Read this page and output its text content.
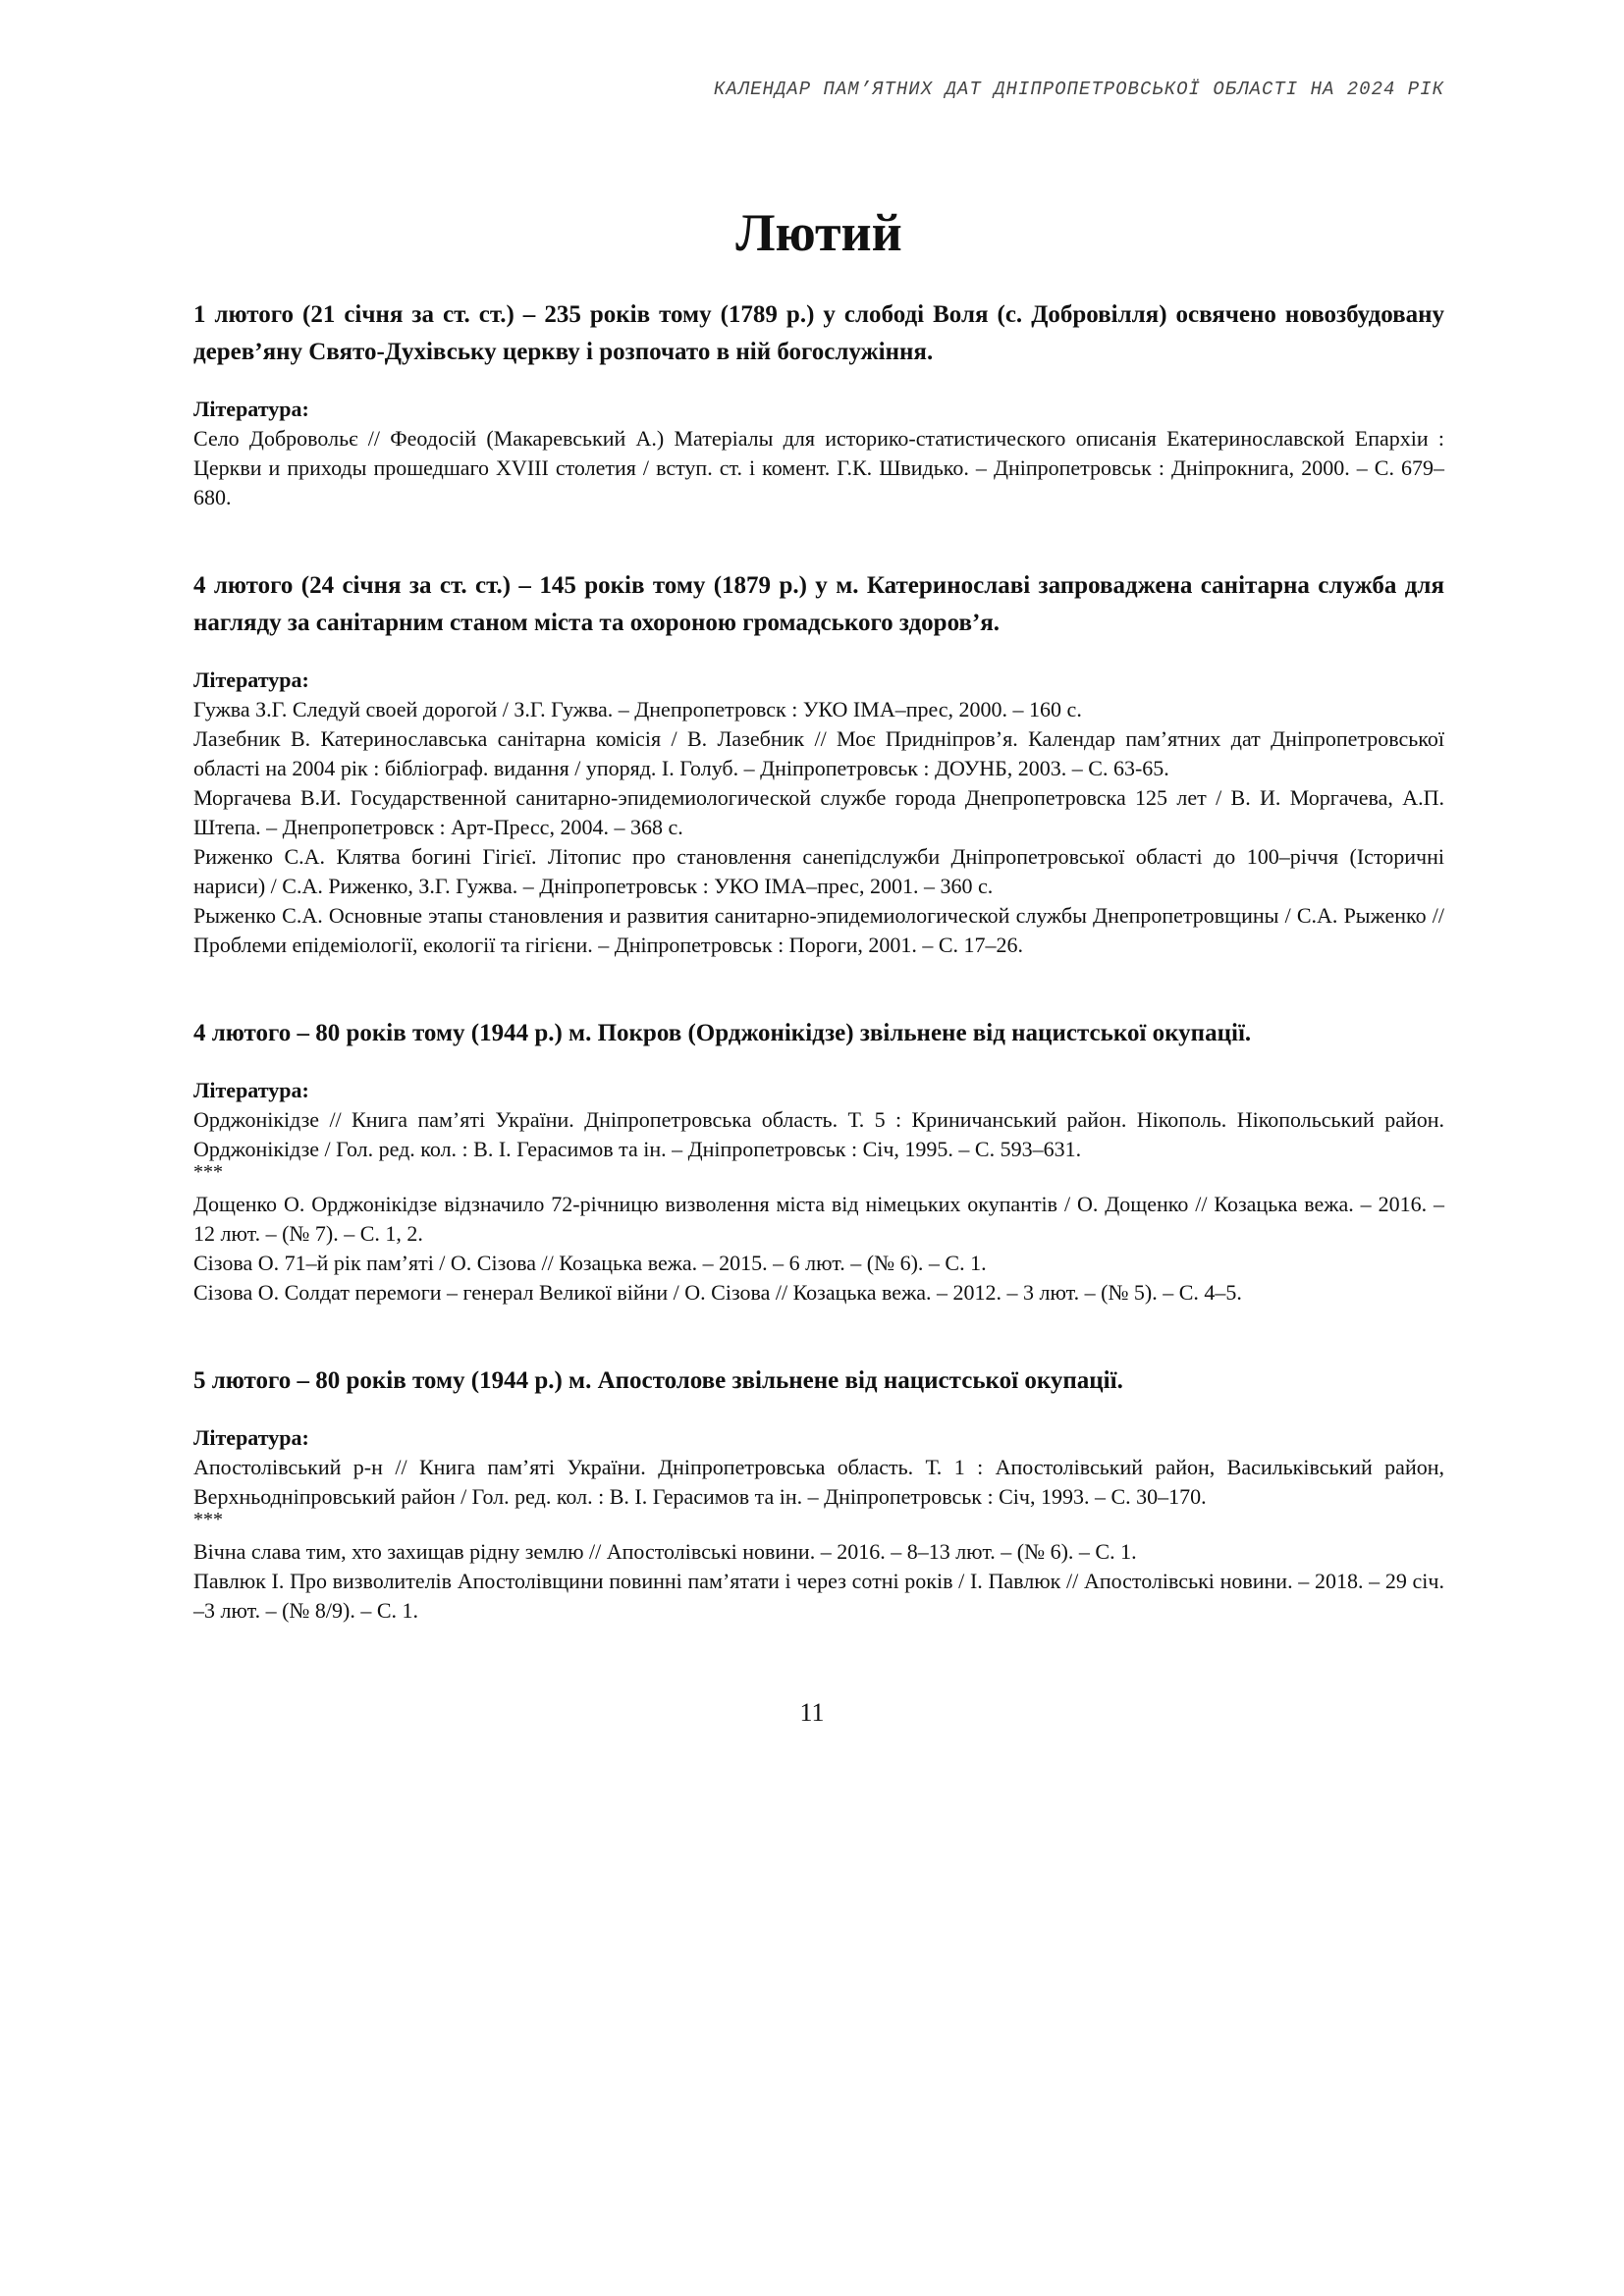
КАЛЕНДАР ПАМ’ЯТНИХ ДАТ ДНІПРОПЕТРОВСЬКОЇ ОБЛАСТІ НА 2024 РІК
Лютий

1 лютого (21 січня за ст. ст.) – 235 років тому (1789 р.) у слободі Воля (с. Добровілля) освячено новозбудовану дерев’яну Свято-Духівську церкву і розпочато в ній богослужіння.

Література:

Село Добровольє // Феодосій (Макаревський А.) Матеріалы для историко-статистического описанія Екатеринославской Епархіи : Церкви и приходы прошедшаго XVIII столетия / вступ. ст. і комент. Г.К. Швидько. – Дніпропетровськ : Дніпрокнига, 2000. – С. 679–680.

4 лютого (24 січня за ст. ст.) – 145 років тому (1879 р.) у м. Катеринославі запроваджена санітарна служба для нагляду за санітарним станом міста та охороною громадського здоров’я.

Література:

Гужва З.Г. Следуй своей дорогой / З.Г. Гужва. – Днепропетровск : УКО ІМА–прес, 2000. – 160 с.
Лазебник В. Катеринославська санітарна комісія / В. Лазебник // Моє Придніпров’я. Календар пам’ятних дат Дніпропетровської області на 2004 рік : бібліограф. видання / упоряд. І. Голуб. – Дніпропетровськ : ДОУНБ, 2003. – С. 63-65.
Моргачева В.И. Государственной санитарно-эпидемиологической службе города Днепропетровска 125 лет / В. И. Моргачева, А.П. Штепа. – Днепропетровск : Арт-Пресс, 2004. – 368 с.
Риженко С.А. Клятва богині Гігієї. Літопис про становлення санепідслужби Дніпропетровської області до 100–річчя (Історичні нариси) / С.А. Риженко, З.Г. Гужва. – Дніпропетровськ : УКО ІМА–прес, 2001. – 360 с.
Рыженко С.А. Основные этапы становления и развития санитарно-эпидемиологической службы Днепропетровщины / С.А. Рыженко // Проблеми епідеміології, екології та гігієни. – Дніпропетровськ : Пороги, 2001. – С. 17–26.

4 лютого – 80 років тому (1944 р.) м. Покров (Орджонікідзе) звільнене від нацистської окупації.

Література:

Орджонікідзе // Книга пам’яті України. Дніпропетровська область. Т. 5 : Криничанський район. Нікополь. Нікопольський район. Орджонікідзе / Гол. ред. кол. : В. І. Герасимов та ін. – Дніпропетровськ : Січ, 1995. – С. 593–631.

***

Дощенко О. Орджонікідзе відзначило 72-річницю визволення міста від німецьких окупантів / О. Дощенко // Козацька вежа. – 2016. – 12 лют. – (№ 7). – С. 1, 2.
Сізова О. 71–й рік пам’яті / О. Сізова // Козацька вежа. – 2015. – 6 лют. – (№ 6). – С. 1.
Сізова О. Солдат перемоги – генерал Великої війни / О. Сізова // Козацька вежа. – 2012. – 3 лют. – (№ 5). – С. 4–5.

5 лютого – 80 років тому (1944 р.) м. Апостолове звільнене від нацистської окупації.

Література:

Апостолівський р-н // Книга пам’яті України. Дніпропетровська область. Т. 1 : Апостолівський район, Васильківський район, Верхньодніпровський район / Гол. ред. кол. : В. І. Герасимов та ін. – Дніпропетровськ : Січ, 1993. – С. 30–170.

***

Вічна слава тим, хто захищав рідну землю // Апостолівські новини. – 2016. – 8–13 лют. – (№ 6). – С. 1.
Павлюк І. Про визволителів Апостолівщини повинні пам’ятати і через сотні років / І. Павлюк // Апостолівські новини. – 2018. – 29 січ. –3 лют. – (№ 8/9). – С. 1.
11
